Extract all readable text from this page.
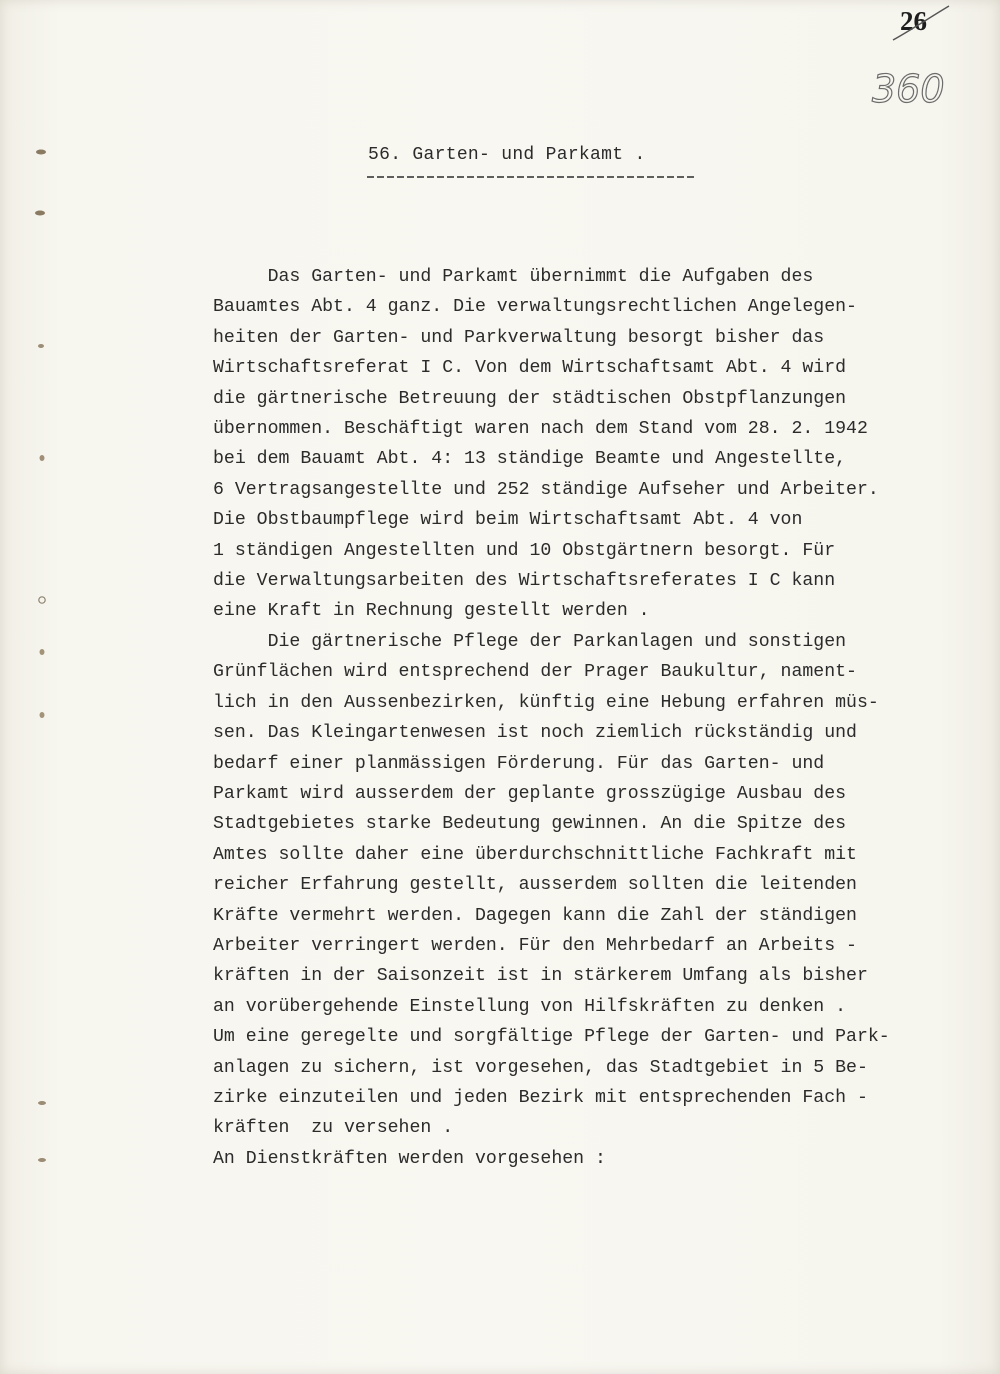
26
360
56. Garten- und Parkamt .
Das Garten- und Parkamt übernimmt die Aufgaben des
Bauamtes Abt. 4 ganz. Die verwaltungsrechtlichen Angelegen-
heiten der Garten- und Parkverwaltung besorgt bisher das
Wirtschaftsreferat I C. Von dem Wirtschaftsamt Abt. 4 wird
die gärtnerische Betreuung der städtischen Obstpflanzungen
übernommen. Beschäftigt waren nach dem Stand vom 28. 2. 1942
bei dem Bauamt Abt. 4: 13 ständige Beamte und Angestellte,
6 Vertragsangestellte und 252 ständige Aufseher und Arbeiter.
Die Obstbaumpflege wird beim Wirtschaftsamt Abt. 4 von
1 ständigen Angestellten und 10 Obstgärtnern besorgt. Für
die Verwaltungsarbeiten des Wirtschaftsreferates I C kann
eine Kraft in Rechnung gestellt werden .
Die gärtnerische Pflege der Parkanlagen und sonstigen
Grünflächen wird entsprechend der Prager Baukultur, nament-
lich in den Aussenbezirken, künftig eine Hebung erfahren müs-
sen. Das Kleingartenwesen ist noch ziemlich rückständig und
bedarf einer planmässigen Förderung. Für das Garten- und
Parkamt wird ausserdem der geplante grosszügige Ausbau des
Stadtgebietes starke Bedeutung gewinnen. An die Spitze des
Amtes sollte daher eine überdurchschnittliche Fachkraft mit
reicher Erfahrung gestellt, ausserdem sollten die leitenden
Kräfte vermehrt werden. Dagegen kann die Zahl der ständigen
Arbeiter verringert werden. Für den Mehrbedarf an Arbeits -
kräften in der Saisonzeit ist in stärkerem Umfang als bisher
an vorübergehende Einstellung von Hilfskräften zu denken .
Um eine geregelte und sorgfältige Pflege der Garten- und Park-
anlagen zu sichern, ist vorgesehen, das Stadtgebiet in 5 Be-
zirke einzuteilen und jeden Bezirk mit entsprechenden Fach -
kräften  zu versehen .
An Dienstkräften werden vorgesehen :
